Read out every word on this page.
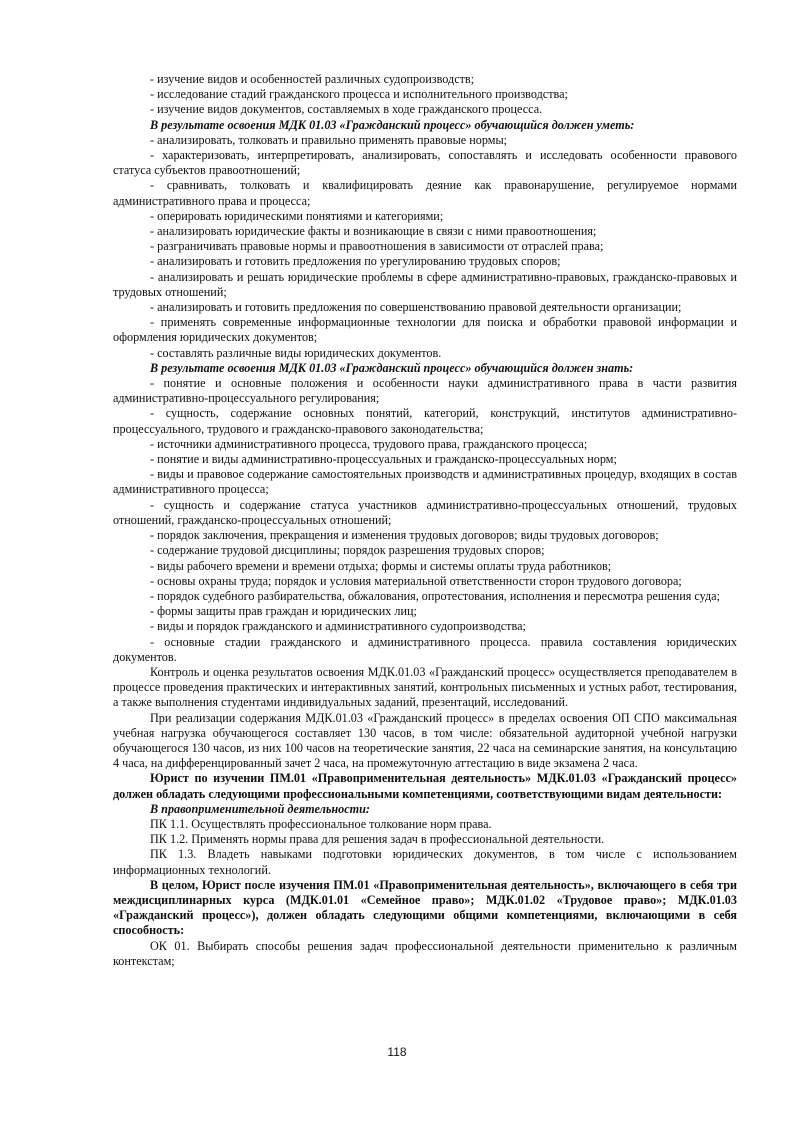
- изучение видов и особенностей различных судопроизводств;

- исследование стадий гражданского процесса и исполнительного производства;

- изучение видов документов, составляемых в ходе гражданского процесса.

В результате освоения МДК 01.03 «Гражданский процесс» обучающийся должен уметь:

- анализировать, толковать и правильно применять правовые нормы;

- характеризовать, интерпретировать, анализировать, сопоставлять и исследовать особенности правового статуса субъектов правоотношений;

- сравнивать, толковать и квалифицировать деяние как правонарушение, регулируемое нормами административного права и процесса;

- оперировать юридическими понятиями и категориями;

- анализировать юридические факты и возникающие в связи с ними правоотношения;

- разграничивать правовые нормы и правоотношения в зависимости от отраслей права;

- анализировать и готовить предложения по урегулированию трудовых споров;

- анализировать и решать юридические проблемы в сфере административно-правовых, гражданско-правовых и трудовых отношений;

- анализировать и готовить предложения по совершенствованию правовой деятельности организации;

- применять современные информационные технологии для поиска и обработки правовой информации и оформления юридических документов;

- составлять различные виды юридических документов.

В результате освоения МДК 01.03 «Гражданский процесс» обучающийся должен знать:

- понятие и основные положения и особенности науки административного права в части развития административно-процессуального регулирования;

- сущность, содержание основных понятий, категорий, конструкций, институтов административно-процессуального, трудового и гражданско-правового законодательства;

- источники административного процесса, трудового права, гражданского процесса;

- понятие и виды административно-процессуальных и гражданско-процессуальных норм;

- виды и правовое содержание самостоятельных производств и административных процедур, входящих в состав административного процесса;

- сущность и содержание статуса участников административно-процессуальных отношений, трудовых отношений, гражданско-процессуальных отношений;

- порядок заключения, прекращения и изменения трудовых договоров; виды трудовых договоров;

- содержание трудовой дисциплины; порядок разрешения трудовых споров;

- виды рабочего времени и времени отдыха; формы и системы оплаты труда работников;

- основы охраны труда; порядок и условия материальной ответственности сторон трудового договора;

- порядок судебного разбирательства, обжалования, опротестования, исполнения и пересмотра решения суда;

- формы защиты прав граждан и юридических лиц;

- виды и порядок гражданского и административного судопроизводства;

- основные стадии гражданского и административного процесса. правила составления юридических документов.

Контроль и оценка результатов освоения МДК.01.03 «Гражданский процесс» осуществляется преподавателем в процессе проведения практических и интерактивных занятий, контрольных письменных и устных работ, тестирования, а также выполнения студентами индивидуальных заданий, презентаций, исследований.

При реализации содержания МДК.01.03 «Гражданский процесс» в пределах освоения ОП СПО максимальная учебная нагрузка обучающегося составляет 130 часов, в том числе: обязательной аудиторной учебной нагрузки обучающегося 130 часов, из них 100 часов на теоретические занятия, 22 часа на семинарские занятия, на консультацию 4 часа, на дифференцированный зачет 2 часа, на промежуточную аттестацию в виде экзамена 2 часа.

Юрист по изучении ПМ.01 «Правоприменительная деятельность» МДК.01.03 «Гражданский процесс» должен обладать следующими профессиональными компетенциями, соответствующими видам деятельности:

В правоприменительной деятельности:

ПК 1.1. Осуществлять профессиональное толкование норм права.

ПК 1.2. Применять нормы права для решения задач в профессиональной деятельности.

ПК 1.3. Владеть навыками подготовки юридических документов, в том числе с использованием информационных технологий.

В целом, Юрист после изучения ПМ.01 «Правоприменительная деятельность», включающего в себя три междисциплинарных курса (МДК.01.01 «Семейное право»; МДК.01.02 «Трудовое право»; МДК.01.03 «Гражданский процесс»), должен обладать следующими общими компетенциями, включающими в себя способность:

ОК 01. Выбирать способы решения задач профессиональной деятельности применительно к различным контекстам;

118
